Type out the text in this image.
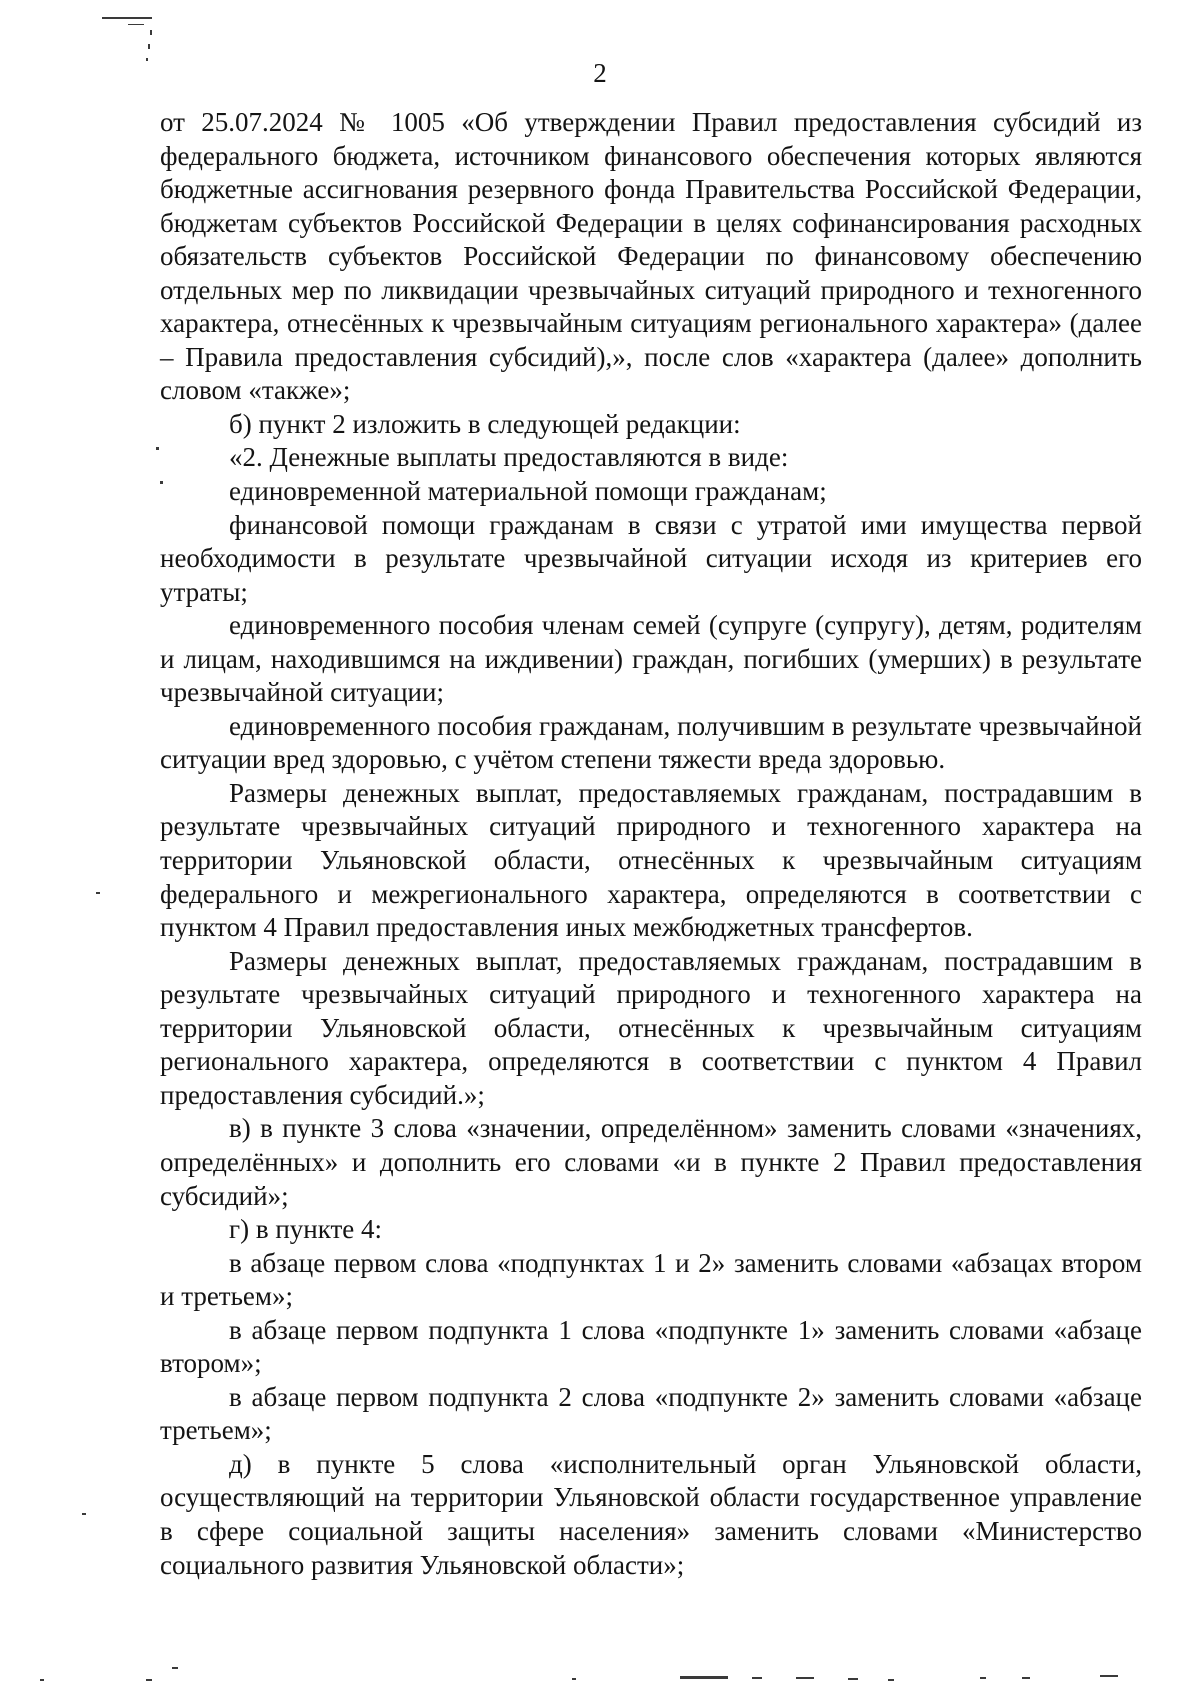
2

от 25.07.2024 № 1005 «Об утверждении Правил предоставления субсидий из федерального бюджета, источником финансового обеспечения которых являются бюджетные ассигнования резервного фонда Правительства Российской Федерации, бюджетам субъектов Российской Федерации в целях софинансирования расходных обязательств субъектов Российской Федерации по финансовому обеспечению отдельных мер по ликвидации чрезвычайных ситуаций природного и техногенного характера, отнесённых к чрезвычайным ситуациям регионального характера» (далее – Правила предоставления субсидий),», после слов «характера (далее» дополнить словом «также»;

б) пункт 2 изложить в следующей редакции:

«2. Денежные выплаты предоставляются в виде:

единовременной материальной помощи гражданам;

финансовой помощи гражданам в связи с утратой ими имущества первой необходимости в результате чрезвычайной ситуации исходя из критериев его утраты;

единовременного пособия членам семей (супруге (супругу), детям, родителям и лицам, находившимся на иждивении) граждан, погибших (умерших) в результате чрезвычайной ситуации;

единовременного пособия гражданам, получившим в результате чрезвычайной ситуации вред здоровью, с учётом степени тяжести вреда здоровью.

Размеры денежных выплат, предоставляемых гражданам, пострадавшим в результате чрезвычайных ситуаций природного и техногенного характера на территории Ульяновской области, отнесённых к чрезвычайным ситуациям федерального и межрегионального характера, определяются в соответствии с пунктом 4 Правил предоставления иных межбюджетных трансфертов.

Размеры денежных выплат, предоставляемых гражданам, пострадавшим в результате чрезвычайных ситуаций природного и техногенного характера на территории Ульяновской области, отнесённых к чрезвычайным ситуациям регионального характера, определяются в соответствии с пунктом 4 Правил предоставления субсидий.»;

в) в пункте 3 слова «значении, определённом» заменить словами «значениях, определённых» и дополнить его словами «и в пункте 2 Правил предоставления субсидий»;

г) в пункте 4:

в абзаце первом слова «подпунктах 1 и 2» заменить словами «абзацах втором и третьем»;

в абзаце первом подпункта 1 слова «подпункте 1» заменить словами «абзаце втором»;

в абзаце первом подпункта 2 слова «подпункте 2» заменить словами «абзаце третьем»;

д) в пункте 5 слова «исполнительный орган Ульяновской области, осуществляющий на территории Ульяновской области государственное управление в сфере социальной защиты населения» заменить словами «Министерство социального развития Ульяновской области»;
